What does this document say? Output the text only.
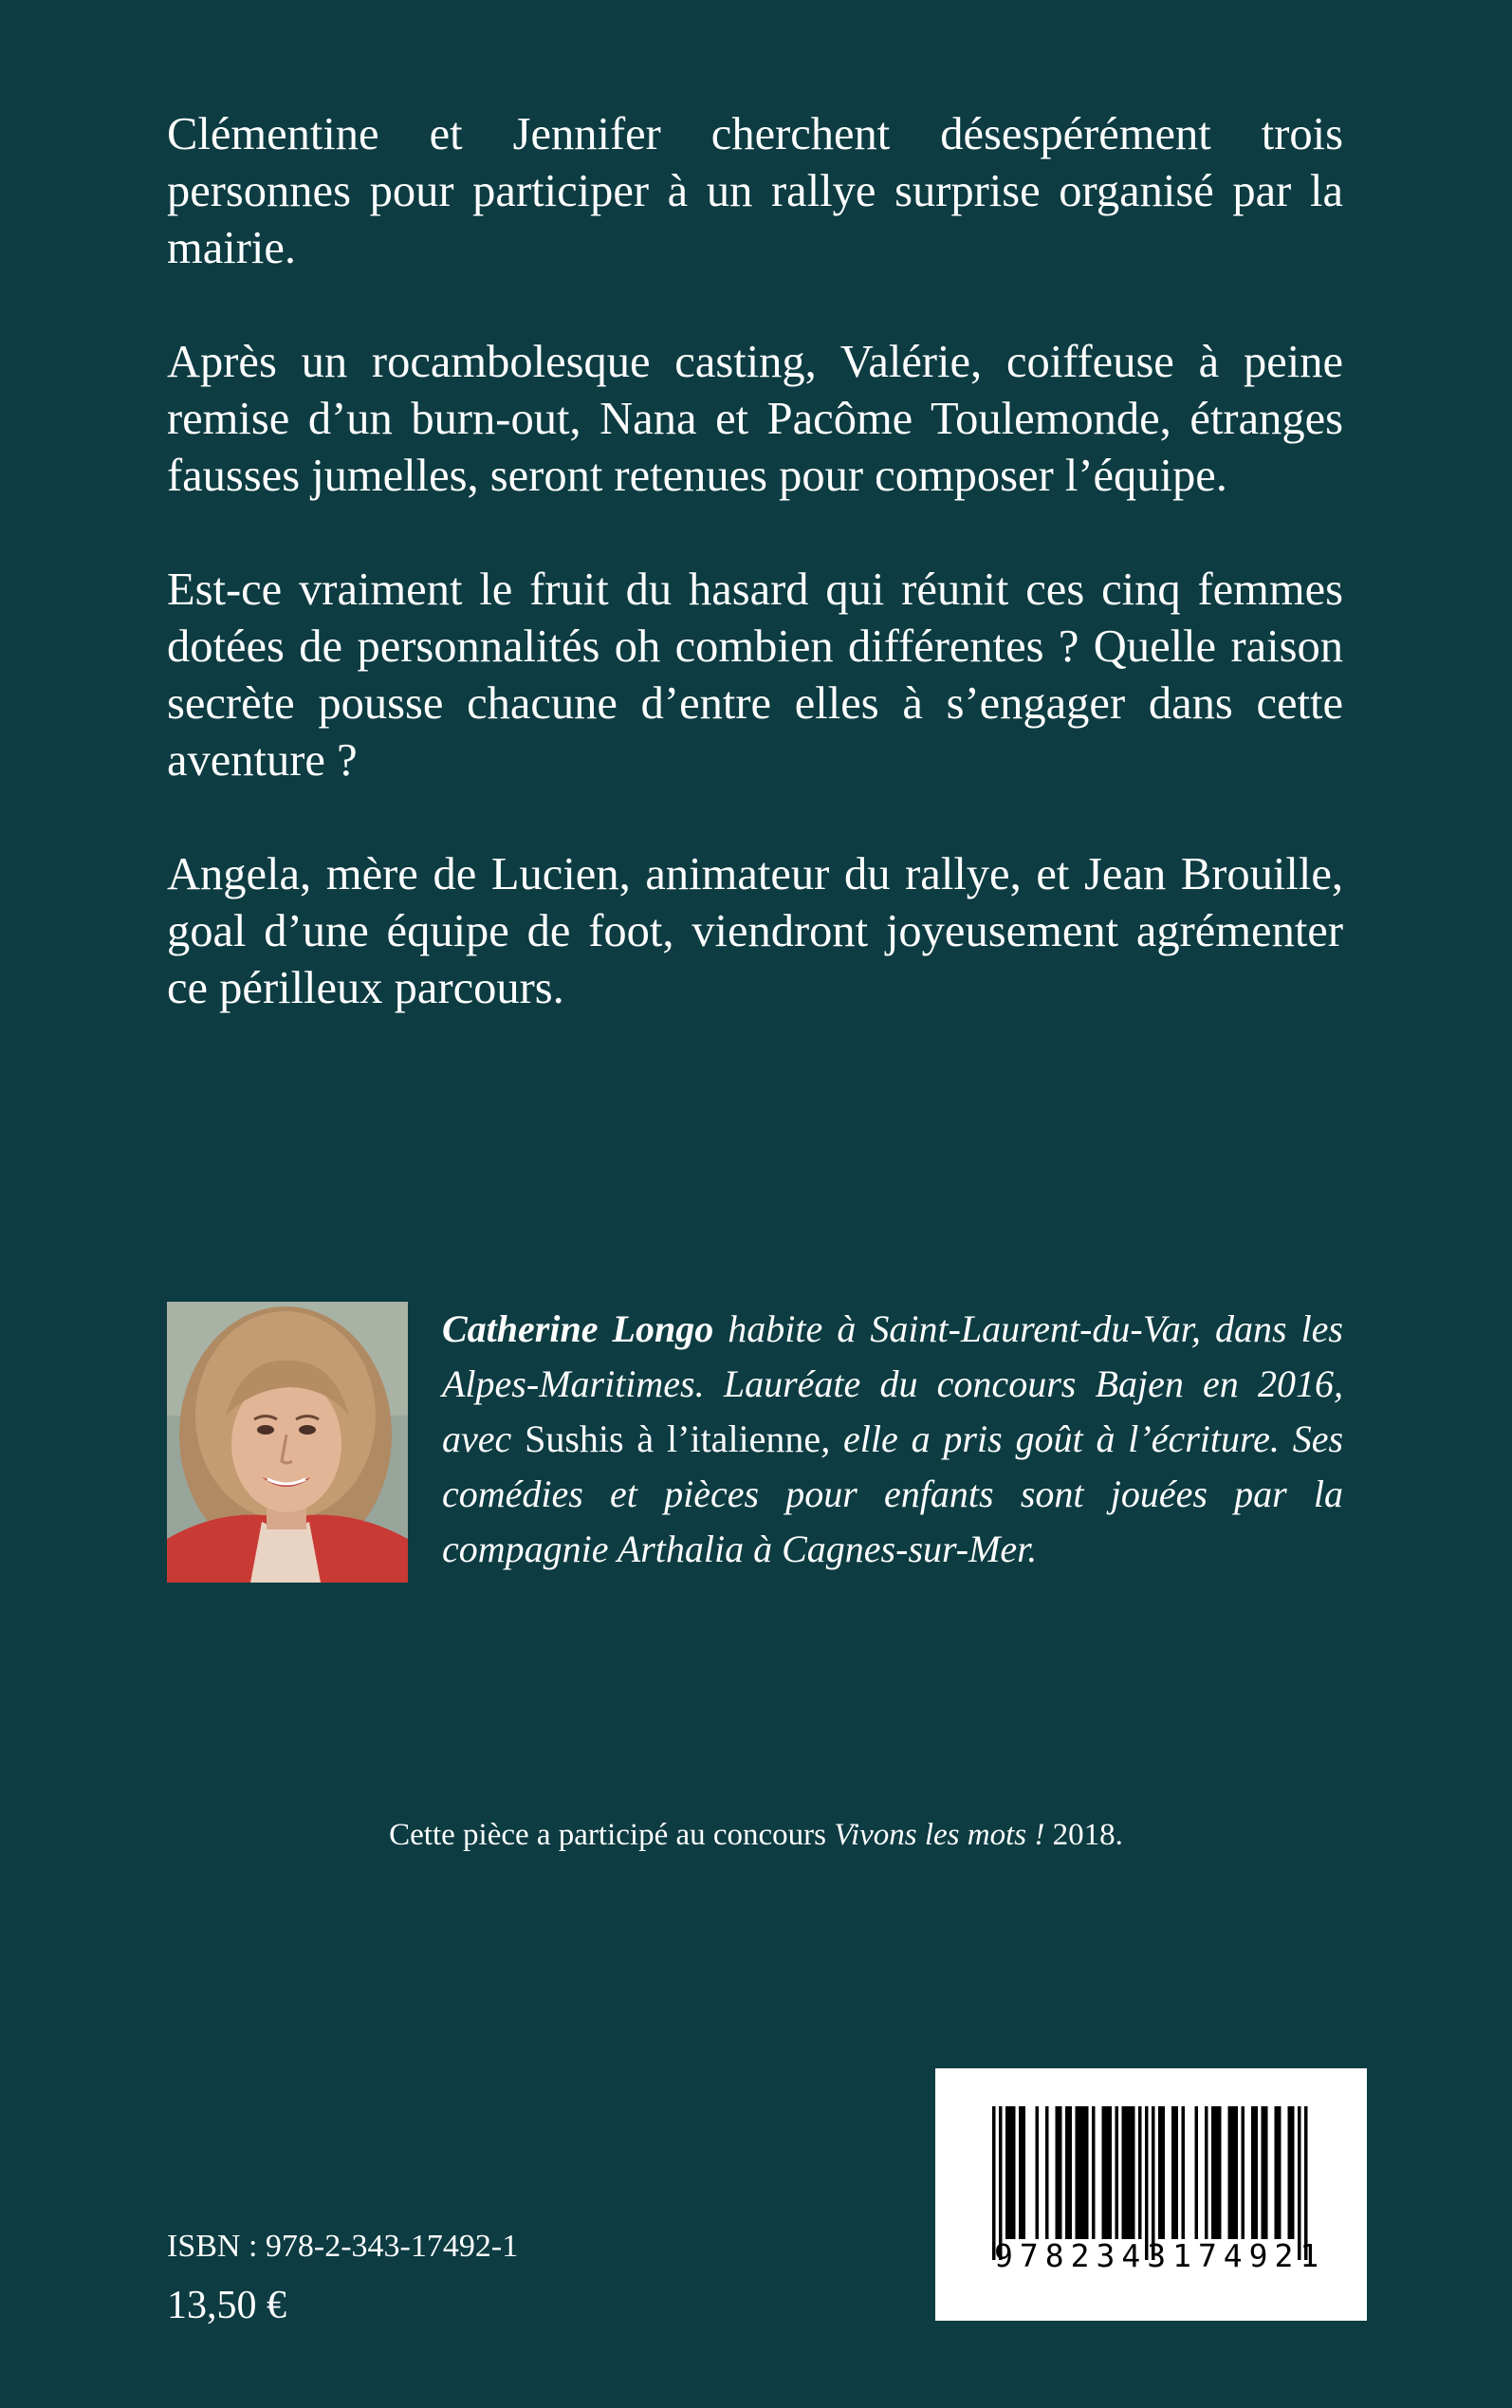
Clémentine et Jennifer cherchent désespérément trois personnes pour participer à un rallye surprise organisé par la mairie.

Après un rocambolesque casting, Valérie, coiffeuse à peine remise d’un burn-out, Nana et Pacôme Toulemonde, étranges fausses jumelles, seront retenues pour composer l’équipe.

Est-ce vraiment le fruit du hasard qui réunit ces cinq femmes dotées de personnalités oh combien différentes ? Quelle raison secrète pousse chacune d’entre elles à s’engager dans cette aventure ?

Angela, mère de Lucien, animateur du rallye, et Jean Brouille, goal d’une équipe de foot, viendront joyeusement agrémenter ce périlleux parcours.

Catherine Longo habite à Saint-Laurent-du-Var, dans les Alpes-Maritimes. Lauréate du concours Bajen en 2016, avec Sushis à l’italienne, elle a pris goût à l’écriture. Ses comédies et pièces pour enfants sont jouées par la compagnie Arthalia à Cagnes-sur-Mer.
Cette pièce a participé au concours Vivons les mots ! 2018.
ISBN : 978-2-343-17492-1
13,50 €
9782343174921
